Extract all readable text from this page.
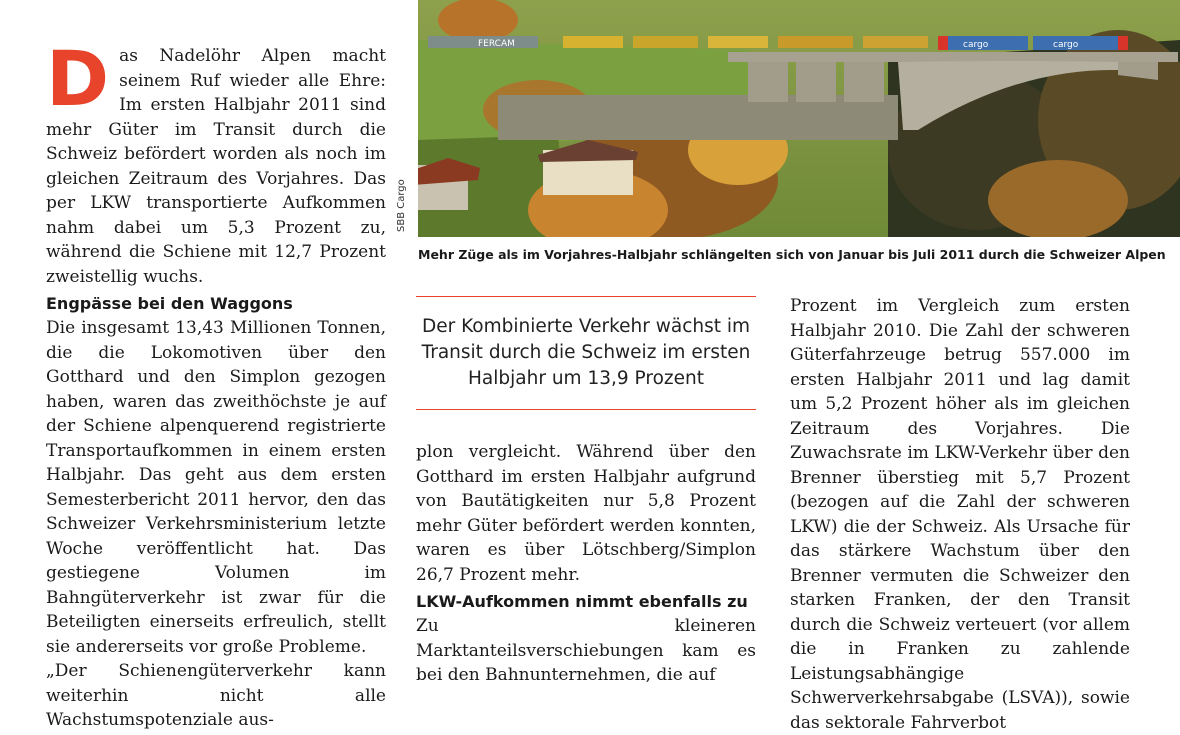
D as Nadelöhr Alpen macht seinem Ruf wieder alle Ehre: Im ersten Halbjahr 2011 sind mehr Güter im Transit durch die Schweiz befördert worden als noch im gleichen Zeitraum des Vorjahres. Das per LKW transportierte Aufkommen nahm dabei um 5,3 Prozent zu, während die Schiene mit 12,7 Prozent zweistellig wuchs.

Engpässe bei den Waggons

Die insgesamt 13,43 Millionen Tonnen, die die Lokomotiven über den Gotthard und den Simplon gezogen haben, waren das zweithöchste je auf der Schiene alpenquerend registrierte Transportaufkommen in einem ersten Halbjahr. Das geht aus dem ersten Semesterbericht 2011 hervor, den das Schweizer Verkehrsministerium letzte Woche veröffentlicht hat. Das gestiegene Volumen im Bahngüterverkehr ist zwar für die Beteiligten einerseits erfreulich, stellt sie andererseits vor große Probleme.

„Der Schienengüterverkehr kann weiterhin nicht alle Wachstumspotenziale aus-

FERCAM	cargo	cargo
SBB Cargo
Mehr Züge als im Vorjahres-Halbjahr schlängelten sich von Januar bis Juli 2011 durch die Schweizer Alpen
Der Kombinierte Verkehr wächst im Transit durch die Schweiz im ersten Halbjahr um 13,9 Prozent

plon vergleicht. Während über den Gotthard im ersten Halbjahr aufgrund von Bautätigkeiten nur 5,8 Prozent mehr Güter befördert werden konnten, waren es über Lötschberg/Simplon 26,7 Prozent mehr.

LKW-Aufkommen nimmt ebenfalls zu

Zu kleineren Marktanteilsverschiebungen kam es bei den Bahnunternehmen, die auf

Prozent im Vergleich zum ersten Halbjahr 2010. Die Zahl der schweren Güterfahrzeuge betrug 557.000 im ersten Halbjahr 2011 und lag damit um 5,2 Prozent höher als im gleichen Zeitraum des Vorjahres. Die Zuwachsrate im LKW-Verkehr über den Brenner überstieg mit 5,7 Prozent (bezogen auf die Zahl der schweren LKW) die der Schweiz. Als Ursache für das stärkere Wachstum über den Brenner vermuten die Schweizer den starken Franken, der den Transit durch die Schweiz verteuert (vor allem die in Franken zu zahlende Leistungsabhängige Schwerverkehrsabgabe (LSVA)), sowie das sektorale Fahrverbot
